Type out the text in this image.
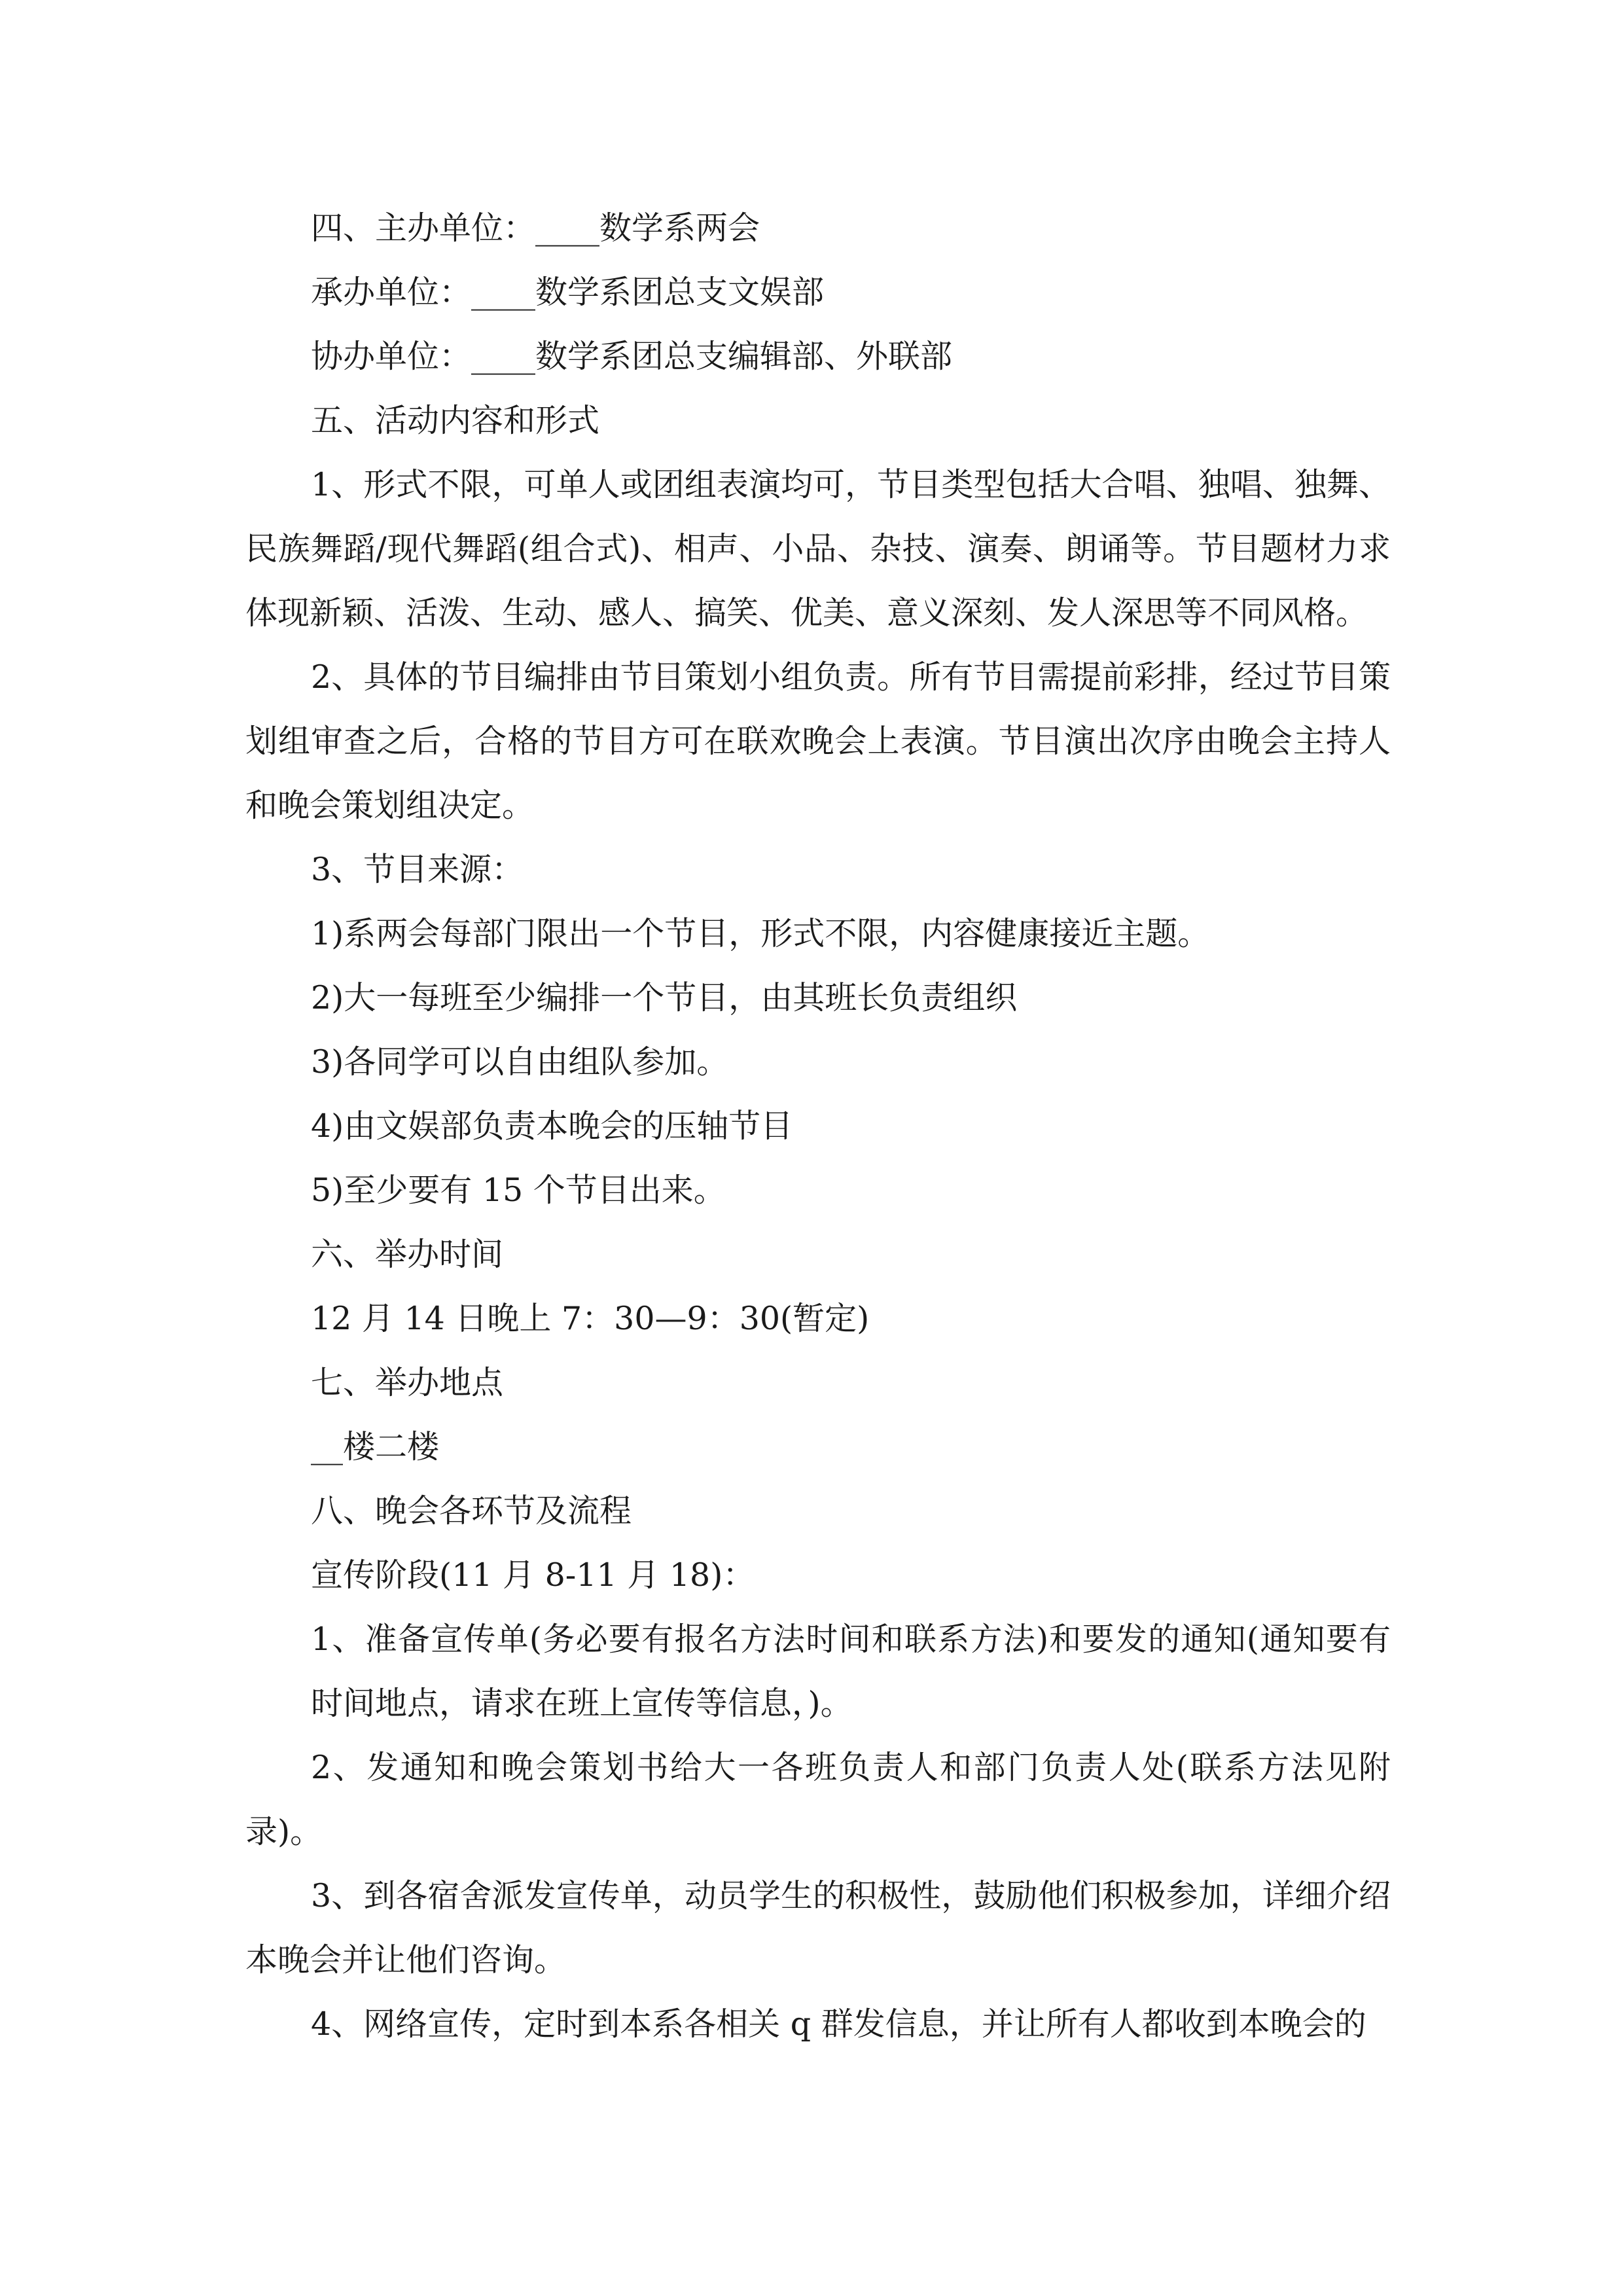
四、主办单位：____数学系两会

承办单位：____数学系团总支文娱部

协办单位：____数学系团总支编辑部、外联部

五、活动内容和形式

1、形式不限，可单人或团组表演均可，节目类型包括大合唱、独唱、独舞、民族舞蹈/现代舞蹈(组合式)、相声、小品、杂技、演奏、朗诵等。节目题材力求体现新颖、活泼、生动、感人、搞笑、优美、意义深刻、发人深思等不同风格。

2、具体的节目编排由节目策划小组负责。所有节目需提前彩排，经过节目策划组审查之后，合格的节目方可在联欢晚会上表演。节目演出次序由晚会主持人和晚会策划组决定。

3、节目来源：

1)系两会每部门限出一个节目，形式不限，内容健康接近主题。

2)大一每班至少编排一个节目，由其班长负责组织

3)各同学可以自由组队参加。

4)由文娱部负责本晚会的压轴节目

5)至少要有 15 个节目出来。

六、举办时间

12 月 14 日晚上 7：30—9：30(暂定)

七、举办地点

__楼二楼

八、晚会各环节及流程

宣传阶段(11 月 8-11 月 18)：

1、准备宣传单(务必要有报名方法时间和联系方法)和要发的通知(通知要有时间地点，请求在班上宣传等信息，)。

2、发通知和晚会策划书给大一各班负责人和部门负责人处(联系方法见附录)。

3、到各宿舍派发宣传单，动员学生的积极性，鼓励他们积极参加，详细介绍本晚会并让他们咨询。

4、网络宣传，定时到本系各相关 q 群发信息，并让所有人都收到本晚会的
